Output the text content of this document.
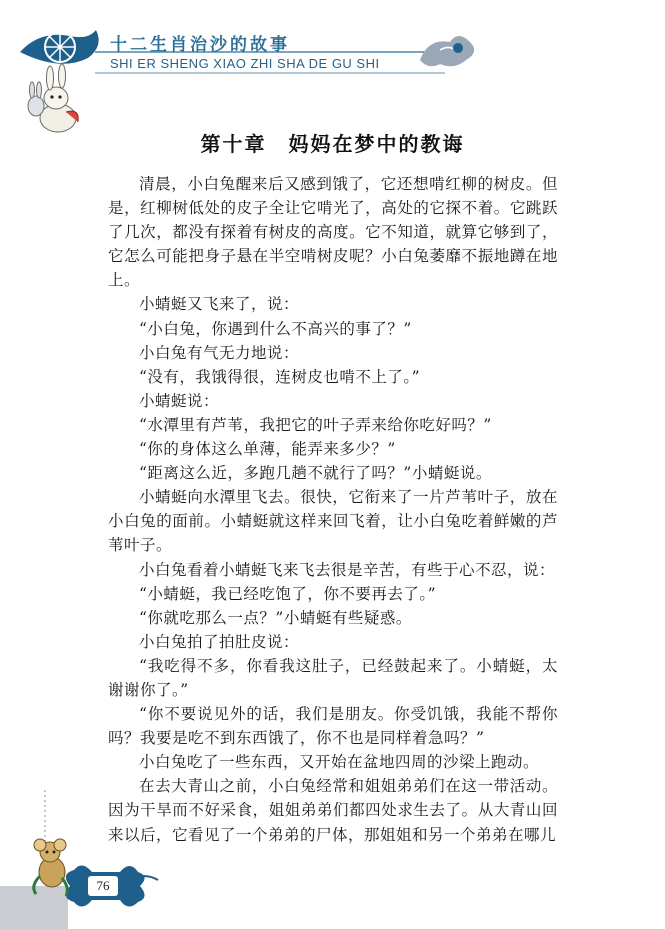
十二生肖治沙的故事

SHI ER SHENG XIAO ZHI SHA DE GU SHI

第十章 妈妈在梦中的教诲

清晨，小白兔醒来后又感到饿了，它还想啃红柳的树皮。但是，红柳树低处的皮子全让它啃光了，高处的它探不着。它跳跃了几次，都没有探着有树皮的高度。它不知道，就算它够到了，它怎么可能把身子悬在半空啃树皮呢？小白兔萎靡不振地蹲在地上。

小蜻蜓又飞来了，说：

“小白兔，你遇到什么不高兴的事了？”

小白兔有气无力地说：

“没有，我饿得很，连树皮也啃不上了。”

小蜻蜓说：

“水潭里有芦苇，我把它的叶子弄来给你吃好吗？”

“你的身体这么单薄，能弄来多少？”

“距离这么近，多跑几趟不就行了吗？”小蜻蜓说。

小蜻蜓向水潭里飞去。很快，它衔来了一片芦苇叶子，放在小白兔的面前。小蜻蜓就这样来回飞着，让小白兔吃着鲜嫩的芦苇叶子。

小白兔看着小蜻蜓飞来飞去很是辛苦，有些于心不忍，说：

“小蜻蜓，我已经吃饱了，你不要再去了。”

“你就吃那么一点？”小蜻蜓有些疑惑。

小白兔拍了拍肚皮说：

“我吃得不多，你看我这肚子，已经鼓起来了。小蜻蜓，太谢谢你了。”

“你不要说见外的话，我们是朋友。你受饥饿，我能不帮你吗？我要是吃不到东西饿了，你不也是同样着急吗？”

小白兔吃了一些东西，又开始在盆地四周的沙梁上跑动。

在去大青山之前，小白兔经常和姐姐弟弟们在这一带活动。因为干旱而不好采食，姐姐弟弟们都四处求生去了。从大青山回来以后，它看见了一个弟弟的尸体，那姐姐和另一个弟弟在哪儿

76
